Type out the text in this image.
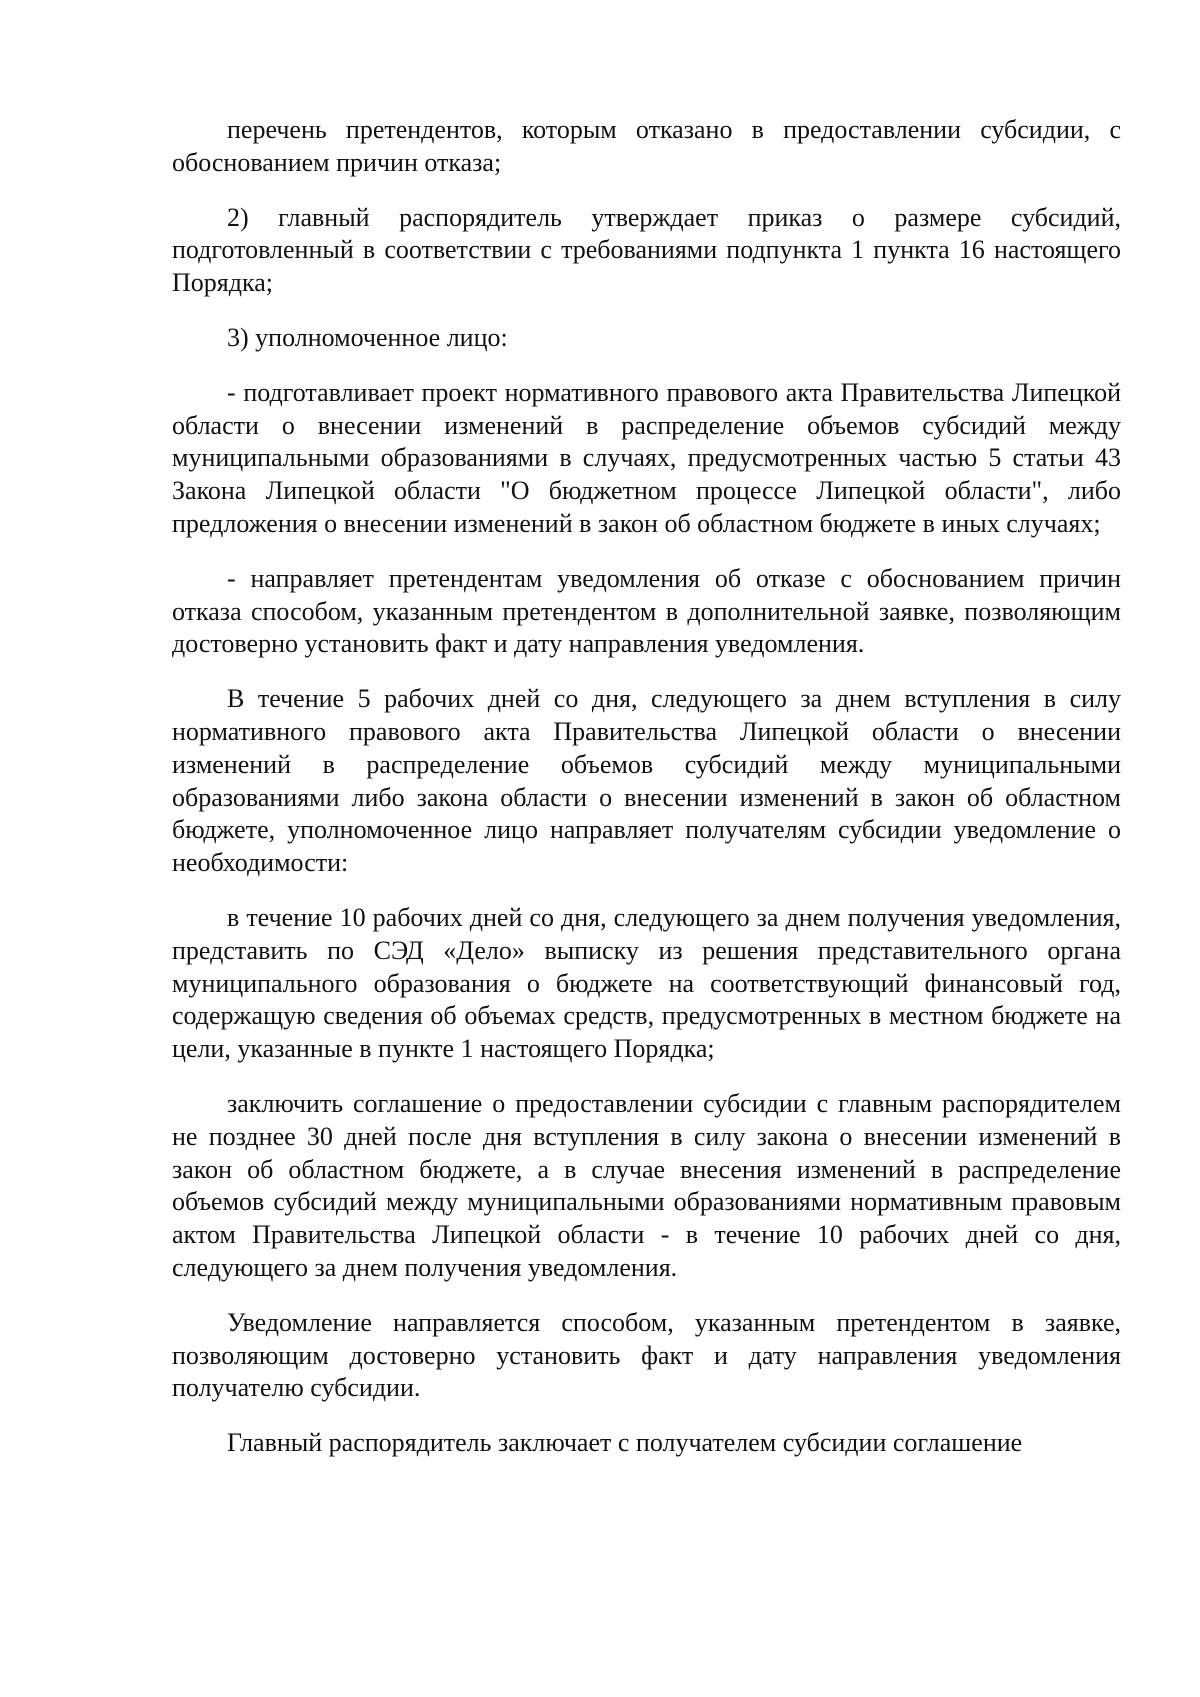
перечень претендентов, которым отказано в предоставлении субсидии, с обоснованием причин отказа;

2) главный распорядитель утверждает приказ о размере субсидий, подготовленный в соответствии с требованиями подпункта 1 пункта 16 настоящего Порядка;

3) уполномоченное лицо:

- подготавливает проект нормативного правового акта Правительства Липецкой области о внесении изменений в распределение объемов субсидий между муниципальными образованиями в случаях, предусмотренных частью 5 статьи 43 Закона Липецкой области "О бюджетном процессе Липецкой области", либо предложения о внесении изменений в закон об областном бюджете в иных случаях;

- направляет претендентам уведомления об отказе с обоснованием причин отказа способом, указанным претендентом в дополнительной заявке, позволяющим достоверно установить факт и дату направления уведомления.

В течение 5 рабочих дней со дня, следующего за днем вступления в силу нормативного правового акта Правительства Липецкой области о внесении изменений в распределение объемов субсидий между муниципальными образованиями либо закона области о внесении изменений в закон об областном бюджете, уполномоченное лицо направляет получателям субсидии уведомление о необходимости:

в течение 10 рабочих дней со дня, следующего за днем получения уведомления, представить по СЭД «Дело» выписку из решения представительного органа муниципального образования о бюджете на соответствующий финансовый год, содержащую сведения об объемах средств, предусмотренных в местном бюджете на цели, указанные в пункте 1 настоящего Порядка;

заключить соглашение о предоставлении субсидии с главным распорядителем не позднее 30 дней после дня вступления в силу закона о внесении изменений в закон об областном бюджете, а в случае внесения изменений в распределение объемов субсидий между муниципальными образованиями нормативным правовым актом Правительства Липецкой области - в течение 10 рабочих дней со дня, следующего за днем получения уведомления.

Уведомление направляется способом, указанным претендентом в заявке, позволяющим достоверно установить факт и дату направления уведомления получателю субсидии.

Главный распорядитель заключает с получателем субсидии соглашение
